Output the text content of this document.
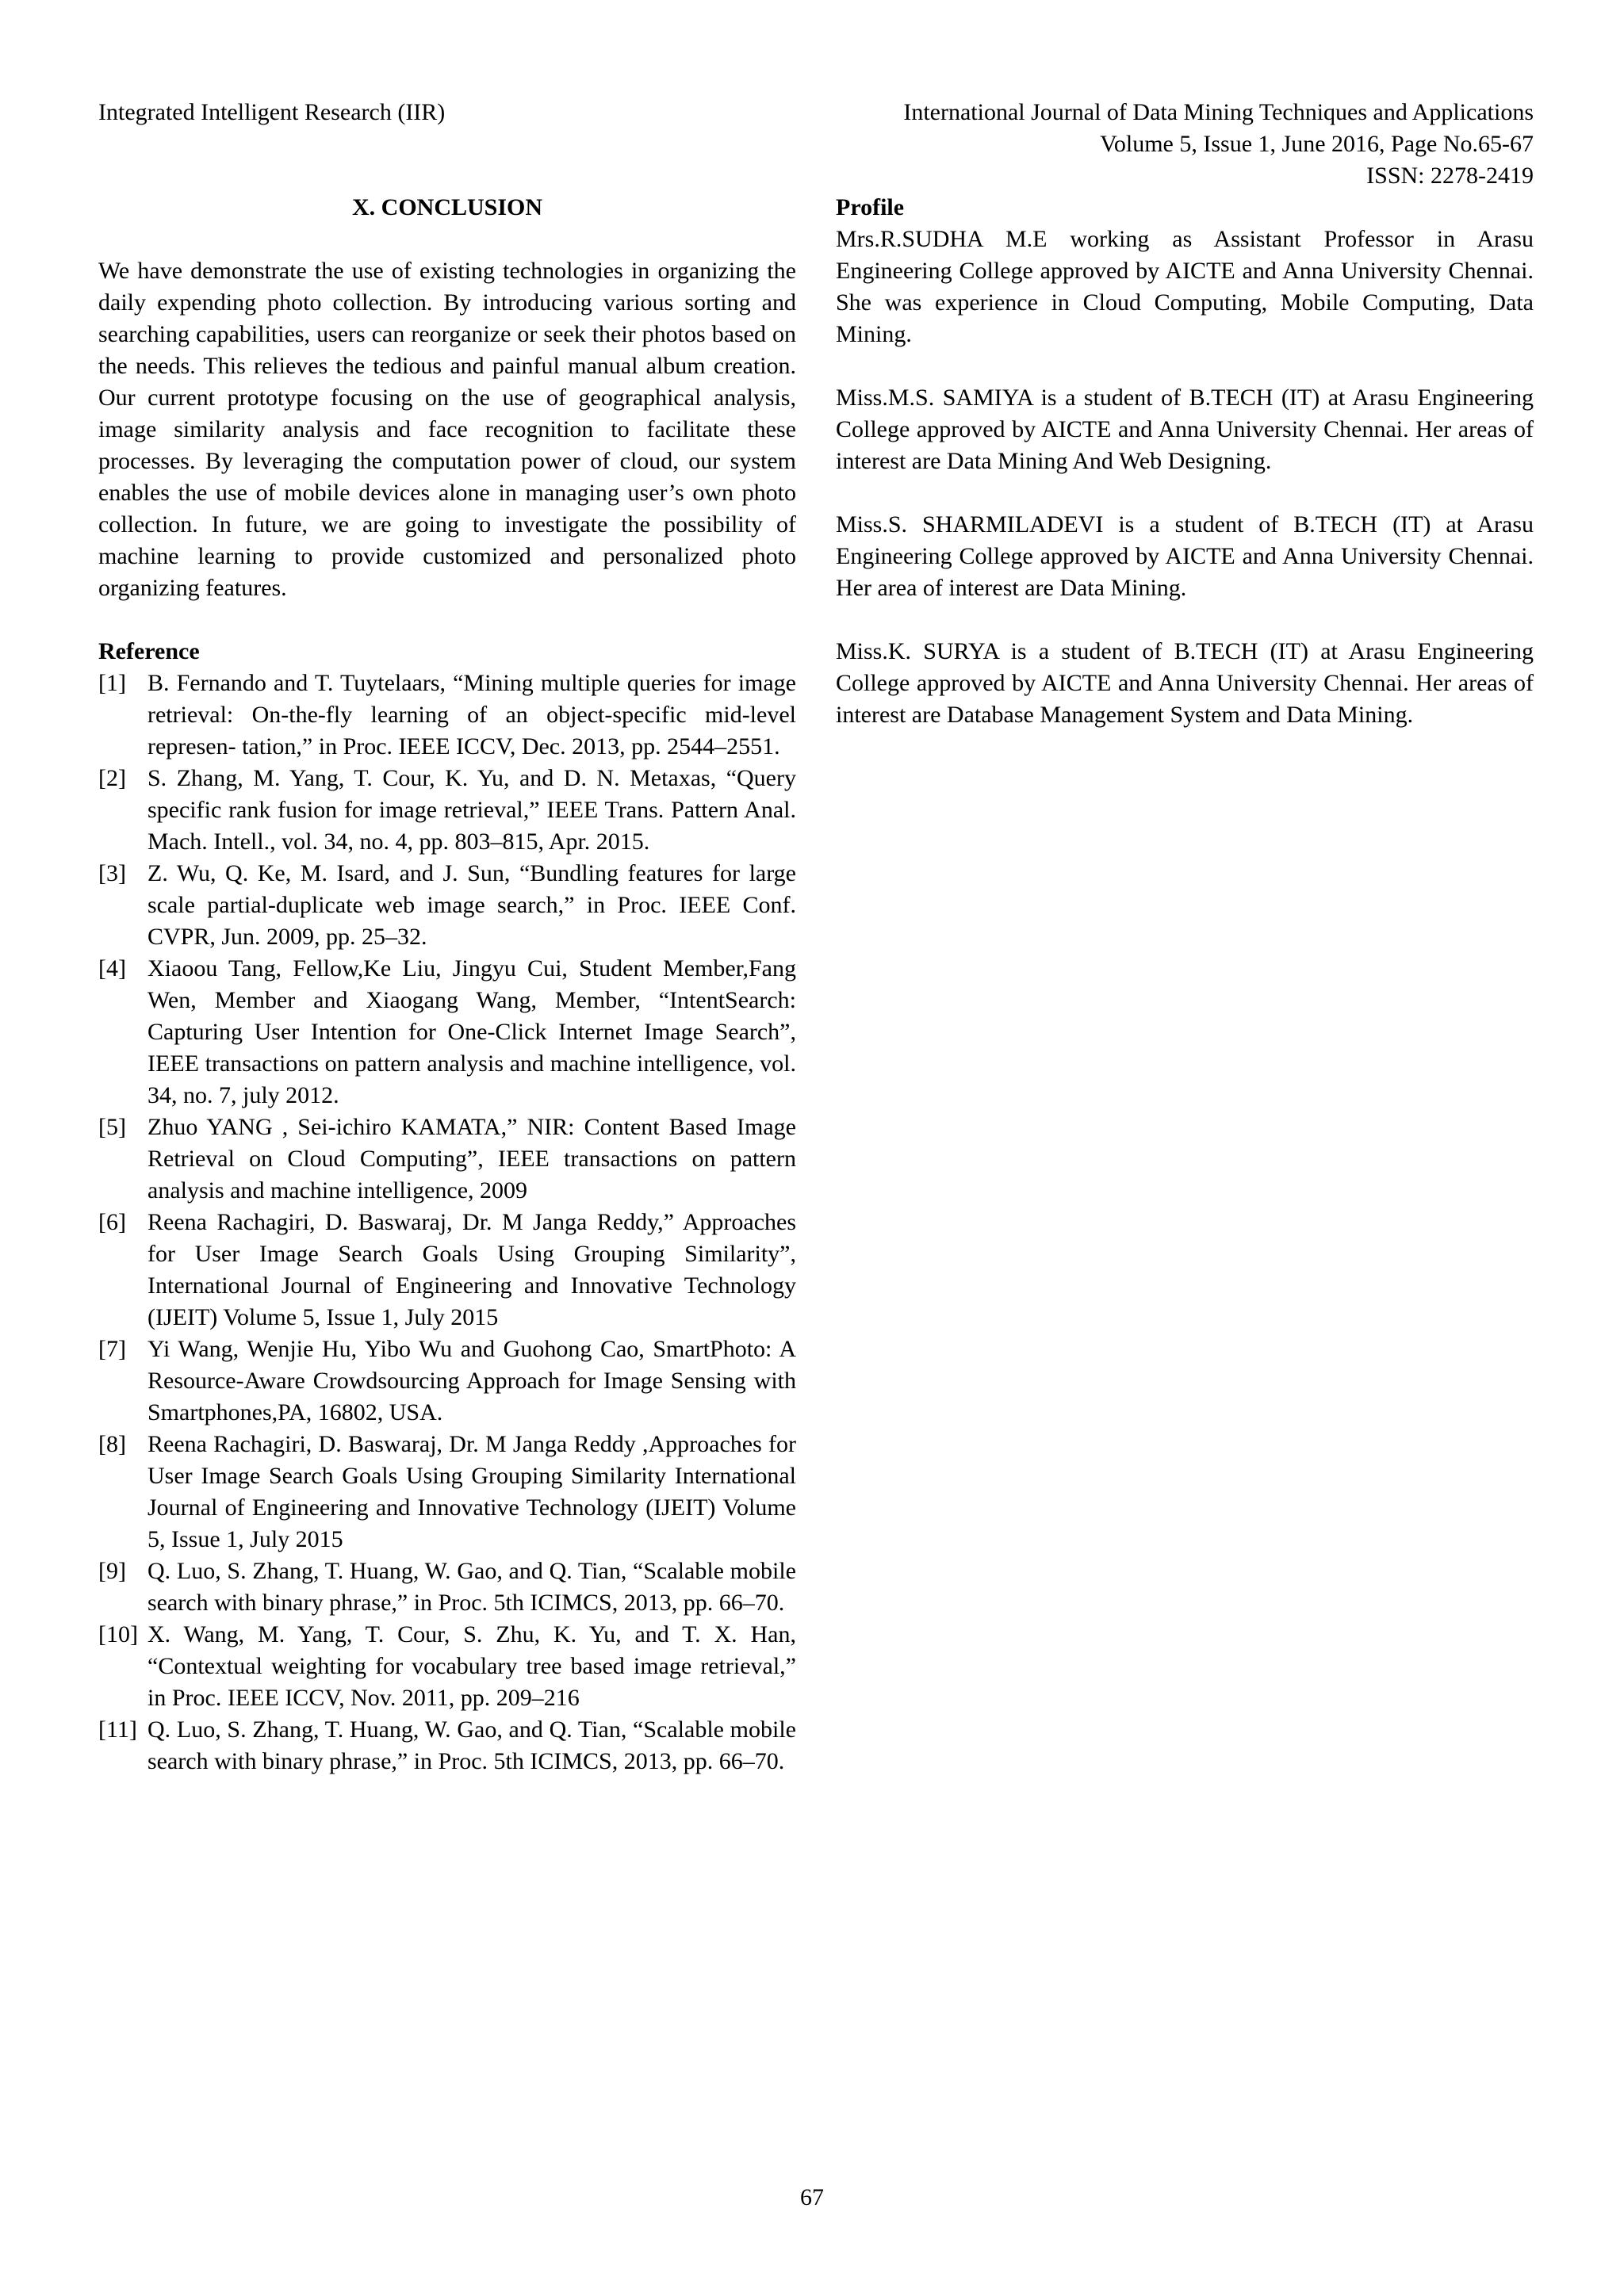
Integrated Intelligent Research (IIR)	International Journal of Data Mining Techniques and Applications
Volume 5, Issue 1, June 2016, Page No.65-67
ISSN: 2278-2419

X. CONCLUSION

We have demonstrate the use of existing technologies in organizing the daily expending photo collection. By introducing various sorting and searching capabilities, users can reorganize or seek their photos based on the needs. This relieves the tedious and painful manual album creation. Our current prototype focusing on the use of geographical analysis, image similarity analysis and face recognition to facilitate these processes. By leveraging the computation power of cloud, our system enables the use of mobile devices alone in managing user’s own photo collection. In future, we are going to investigate the possibility of machine learning to provide customized and personalized photo organizing features.

Reference

[1] B. Fernando and T. Tuytelaars, “Mining multiple queries for image retrieval: On-the-fly learning of an object-specific mid-level represen- tation,” in Proc. IEEE ICCV, Dec. 2013, pp. 2544–2551.
[2] S. Zhang, M. Yang, T. Cour, K. Yu, and D. N. Metaxas, “Query specific rank fusion for image retrieval,” IEEE Trans. Pattern Anal. Mach. Intell., vol. 34, no. 4, pp. 803–815, Apr. 2015.
[3] Z. Wu, Q. Ke, M. Isard, and J. Sun, “Bundling features for large scale partial-duplicate web image search,” in Proc. IEEE Conf. CVPR, Jun. 2009, pp. 25–32.
[4] Xiaoou Tang, Fellow,Ke Liu, Jingyu Cui, Student Member,Fang Wen, Member and Xiaogang Wang, Member, “IntentSearch: Capturing User Intention for One-Click Internet Image Search”, IEEE transactions on pattern analysis and machine intelligence, vol. 34, no. 7, july 2012.
[5] Zhuo YANG , Sei-ichiro KAMATA,” NIR: Content Based Image Retrieval on Cloud Computing”, IEEE transactions on pattern analysis and machine intelligence, 2009
[6] Reena Rachagiri, D. Baswaraj, Dr. M Janga Reddy,” Approaches for User Image Search Goals Using Grouping Similarity”, International Journal of Engineering and Innovative Technology (IJEIT) Volume 5, Issue 1, July 2015
[7] Yi Wang, Wenjie Hu, Yibo Wu and Guohong Cao, SmartPhoto: A Resource-Aware Crowdsourcing Approach for Image Sensing with Smartphones,PA, 16802, USA.
[8] Reena Rachagiri, D. Baswaraj, Dr. M Janga Reddy ,Approaches for User Image Search Goals Using Grouping Similarity International Journal of Engineering and Innovative Technology (IJEIT) Volume 5, Issue 1, July 2015
[9] Q. Luo, S. Zhang, T. Huang, W. Gao, and Q. Tian, “Scalable mobile search with binary phrase,” in Proc. 5th ICIMCS, 2013, pp. 66–70.
[10] X. Wang, M. Yang, T. Cour, S. Zhu, K. Yu, and T. X. Han, “Contextual weighting for vocabulary tree based image retrieval,” in Proc. IEEE ICCV, Nov. 2011, pp. 209–216
[11] Q. Luo, S. Zhang, T. Huang, W. Gao, and Q. Tian, “Scalable mobile search with binary phrase,” in Proc. 5th ICIMCS, 2013, pp. 66–70.

Profile

Mrs.R.SUDHA M.E working as Assistant Professor in Arasu Engineering College approved by AICTE and Anna University Chennai. She was experience in Cloud Computing, Mobile Computing, Data Mining.

Miss.M.S. SAMIYA is a student of B.TECH (IT) at Arasu Engineering College approved by AICTE and Anna University Chennai. Her areas of interest are Data Mining And Web Designing.

Miss.S. SHARMILADEVI is a student of B.TECH (IT) at Arasu Engineering College approved by AICTE and Anna University Chennai. Her area of interest are Data Mining.

Miss.K. SURYA is a student of B.TECH (IT) at Arasu Engineering College approved by AICTE and Anna University Chennai. Her areas of interest are Database Management System and Data Mining.

67
